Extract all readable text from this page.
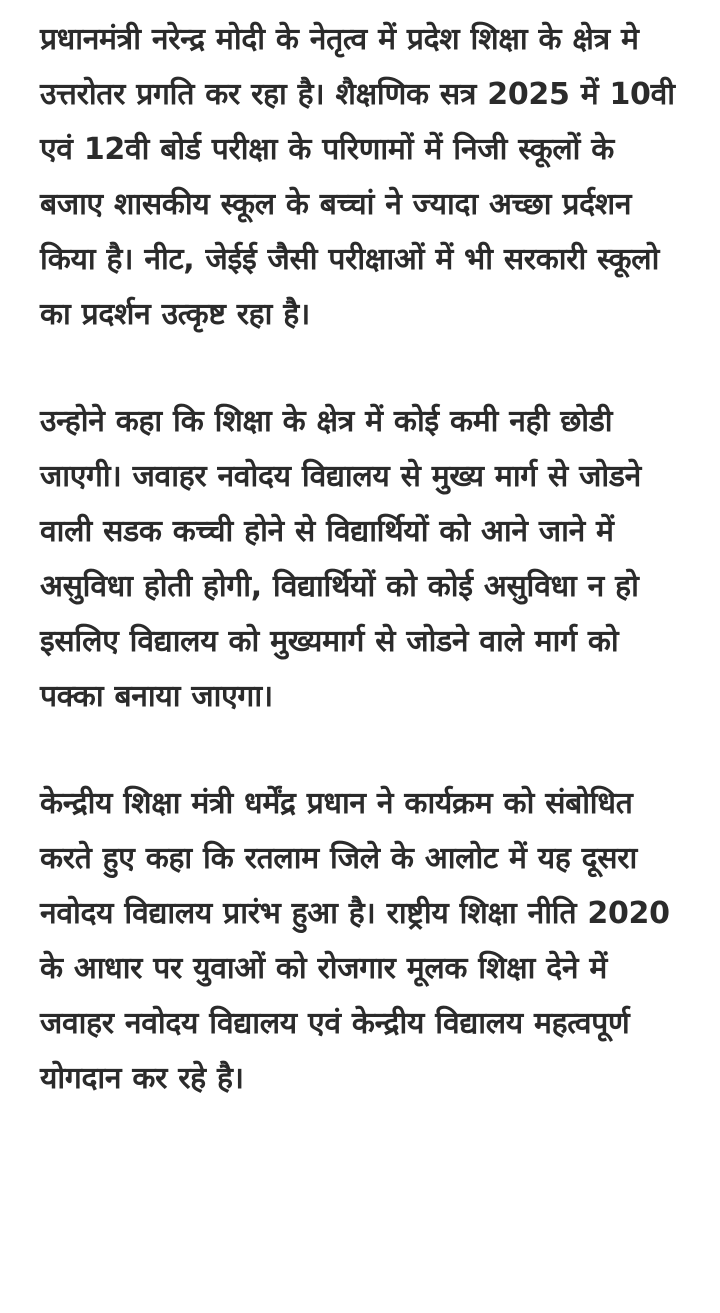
प्रधानमंत्री नरेन्द्र मोदी के नेतृत्व में प्रदेश शिक्षा के क्षेत्र मे उत्तरोतर प्रगति कर रहा है। शैक्षणिक सत्र 2025 में 10वी एवं 12वी बोर्ड परीक्षा के परिणामों में निजी स्कूलों के बजाए शासकीय स्कूल के बच्चां ने ज्यादा अच्छा प्रर्दशन किया है। नीट, जेईई जैसी परीक्षाओं में भी सरकारी स्कूलो का प्रदर्शन उत्कृष्ट रहा है।

उन्होने कहा कि शिक्षा के क्षेत्र में कोई कमी नही छोडी जाएगी। जवाहर नवोदय विद्यालय से मुख्य मार्ग से जोडने वाली सडक कच्ची होने से विद्यार्थियों को आने जाने में असुविधा होती होगी, विद्यार्थियों को कोई असुविधा न हो इसलिए विद्यालय को मुख्यमार्ग से जोडने वाले मार्ग को पक्का बनाया जाएगा।

केन्द्रीय शिक्षा मंत्री धर्मेंद्र प्रधान ने कार्यक्रम को संबोधित करते हुए कहा कि रतलाम जिले के आलोट में यह दूसरा नवोदय विद्यालय प्रारंभ हुआ है। राष्ट्रीय शिक्षा नीति 2020 के आधार पर युवाओं को रोजगार मूलक शिक्षा देने में जवाहर नवोदय विद्यालय एवं केन्द्रीय विद्यालय महत्वपूर्ण योगदान कर रहे है।
